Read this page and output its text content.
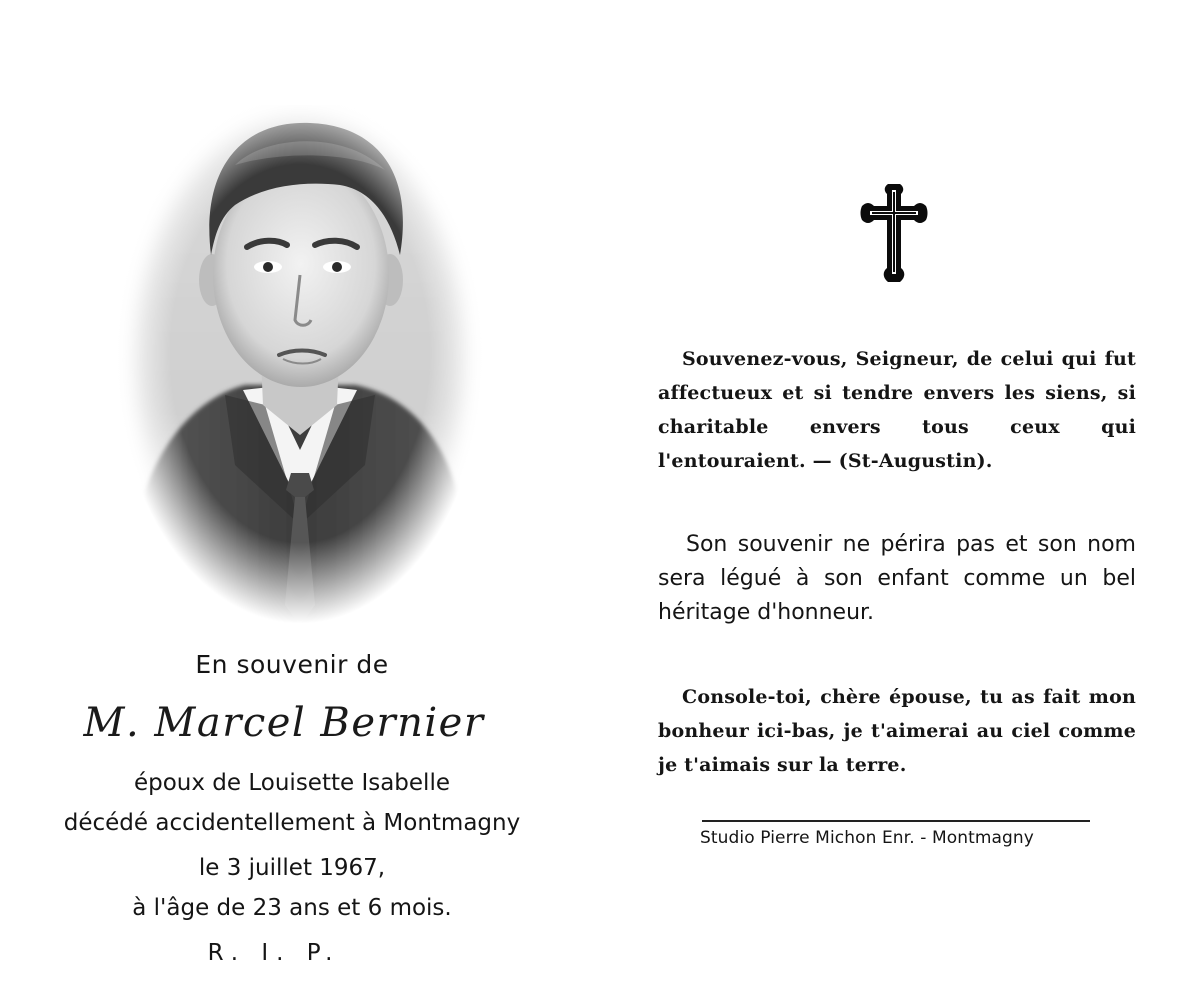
En souvenir de
M. Marcel Bernier
époux de Louisette Isabelle
décédé accidentellement à Montmagny
le 3 juillet 1967,
à l'âge de 23 ans et 6 mois.
R. I. P.

Souvenez-vous, Seigneur, de celui qui fut affectueux et si tendre envers les siens, si charitable envers tous ceux qui l'entouraient. — (St-Augustin).

Son souvenir ne périra pas et son nom sera légué à son enfant comme un bel héritage d'honneur.

Console-toi, chère épouse, tu as fait mon bonheur ici-bas, je t'aimerai au ciel comme je t'aimais sur la terre.

Studio Pierre Michon Enr. - Montmagny
